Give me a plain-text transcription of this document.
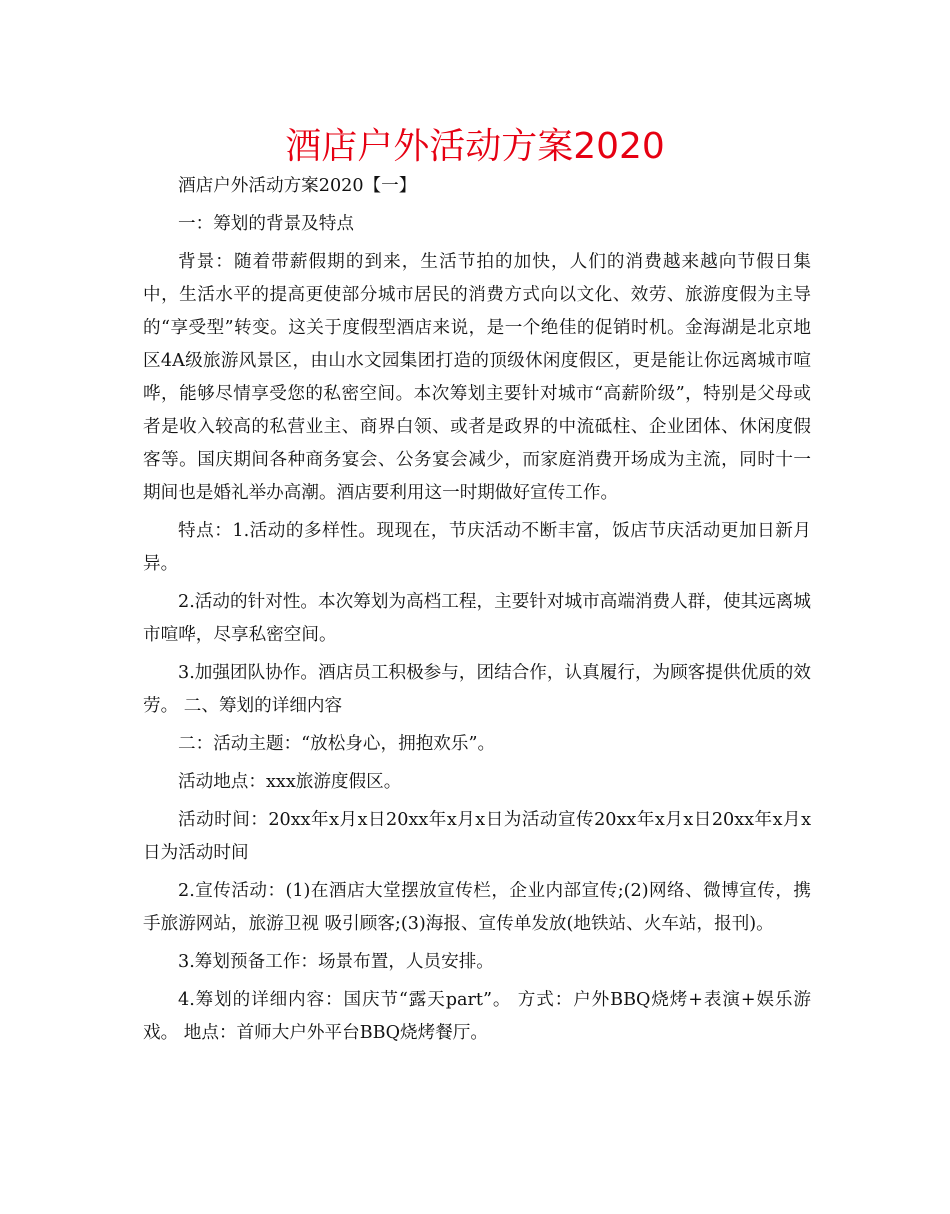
酒店户外活动方案2020

酒店户外活动方案2020【一】

一：筹划的背景及特点

背景：随着带薪假期的到来，生活节拍的加快，人们的消费越来越向节假日集中，生活水平的提高更使部分城市居民的消费方式向以文化、效劳、旅游度假为主导的“享受型”转变。这关于度假型酒店来说，是一个绝佳的促销时机。金海湖是北京地区4A级旅游风景区，由山水文园集团打造的顶级休闲度假区，更是能让你远离城市喧哗，能够尽情享受您的私密空间。本次筹划主要针对城市“高薪阶级”，特别是父母或者是收入较高的私营业主、商界白领、或者是政界的中流砥柱、企业团体、休闲度假客等。国庆期间各种商务宴会、公务宴会减少，而家庭消费开场成为主流，同时十一期间也是婚礼举办高潮。酒店要利用这一时期做好宣传工作。

特点：1.活动的多样性。现现在，节庆活动不断丰富，饭店节庆活动更加日新月异。

2.活动的针对性。本次筹划为高档工程，主要针对城市高端消费人群，使其远离城市喧哗，尽享私密空间。

3.加强团队协作。酒店员工积极参与，团结合作，认真履行，为顾客提供优质的效劳。 二、筹划的详细内容

二：活动主题：“放松身心，拥抱欢乐”。

活动地点：xxx旅游度假区。

活动时间：20xx年x月x日20xx年x月x日为活动宣传20xx年x月x日20xx年x月x日为活动时间

2.宣传活动：(1)在酒店大堂摆放宣传栏，企业内部宣传;(2)网络、微博宣传，携手旅游网站，旅游卫视 吸引顾客;(3)海报、宣传单发放(地铁站、火车站，报刊)。

3.筹划预备工作：场景布置，人员安排。

4.筹划的详细内容：国庆节“露天part”。 方式：户外BBQ烧烤+表演+娱乐游戏。 地点：首师大户外平台BBQ烧烤餐厅。
